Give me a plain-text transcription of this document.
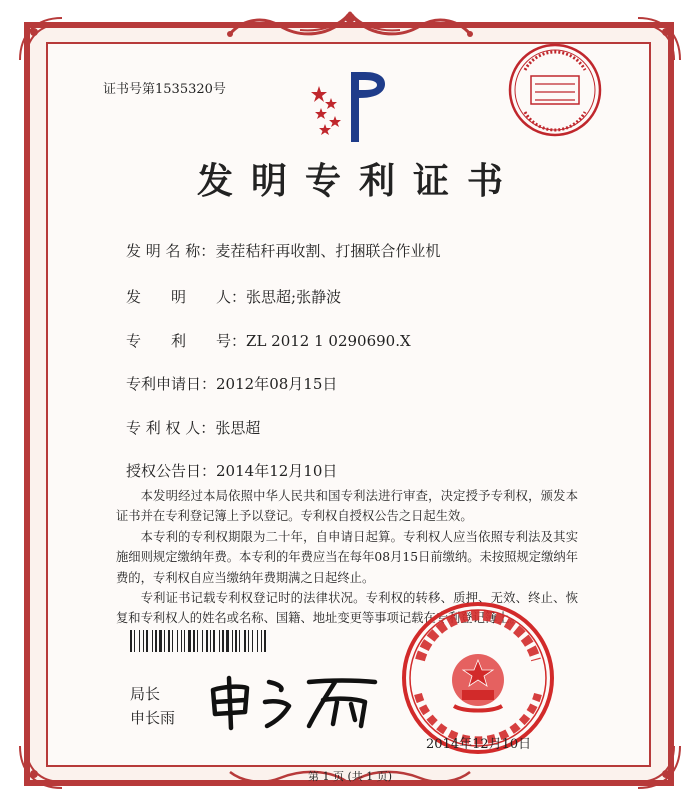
证书号第1535320号
发明专利证书
发 明 名 称：麦茬秸秆再收割、打捆联合作业机
发　　明　　人：张思超;张静波
专　　利　　号：ZL 2012 1 0290690.X
专利申请日：2012年08月15日
专 利 权 人：张思超
授权公告日：2014年12月10日

本发明经过本局依照中华人民共和国专利法进行审查，决定授予专利权，颁发本证书并在专利登记簿上予以登记。专利权自授权公告之日起生效。

本专利的专利权期限为二十年，自申请日起算。专利权人应当依照专利法及其实施细则规定缴纳年费。本专利的年费应当在每年08月15日前缴纳。未按照规定缴纳年费的，专利权自应当缴纳年费期满之日起终止。

专利证书记载专利权登记时的法律状况。专利权的转移、质押、无效、终止、恢复和专利权人的姓名或名称、国籍、地址变更等事项记载在专利登记簿上。

局长
申长雨
2014年12月10日
第 1 页 (共 1 页)
